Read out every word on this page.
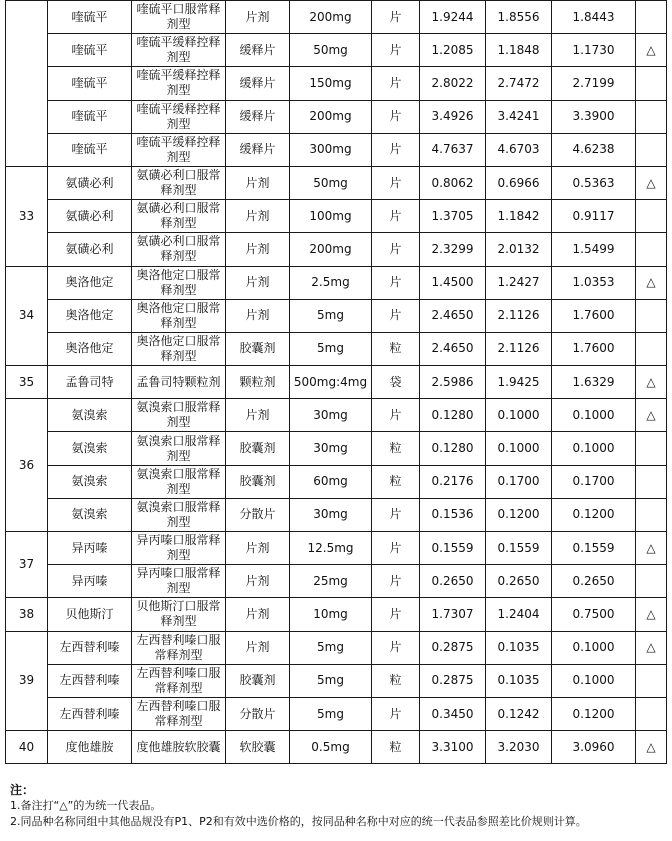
	喹硫平	喹硫平口服常释剂型	片剂	200mg	片	1.9244	1.8556	1.8443	
	喹硫平	喹硫平缓释控释剂型	缓释片	50mg	片	1.2085	1.1848	1.1730	△
	喹硫平	喹硫平缓释控释剂型	缓释片	150mg	片	2.8022	2.7472	2.7199	
	喹硫平	喹硫平缓释控释剂型	缓释片	200mg	片	3.4926	3.4241	3.3900	
	喹硫平	喹硫平缓释控释剂型	缓释片	300mg	片	4.7637	4.6703	4.6238	
33	氨磺必利	氨磺必利口服常释剂型	片剂	50mg	片	0.8062	0.6966	0.5363	△
	氨磺必利	氨磺必利口服常释剂型	片剂	100mg	片	1.3705	1.1842	0.9117	
	氨磺必利	氨磺必利口服常释剂型	片剂	200mg	片	2.3299	2.0132	1.5499	
34	奥洛他定	奥洛他定口服常释剂型	片剂	2.5mg	片	1.4500	1.2427	1.0353	△
	奥洛他定	奥洛他定口服常释剂型	片剂	5mg	片	2.4650	2.1126	1.7600	
	奥洛他定	奥洛他定口服常释剂型	胶囊剂	5mg	粒	2.4650	2.1126	1.7600	
35	孟鲁司特	孟鲁司特颗粒剂	颗粒剂	500mg:4mg	袋	2.5986	1.9425	1.6329	△
36	氨溴索	氨溴索口服常释剂型	片剂	30mg	片	0.1280	0.1000	0.1000	△
	氨溴索	氨溴索口服常释剂型	胶囊剂	30mg	粒	0.1280	0.1000	0.1000	
	氨溴索	氨溴索口服常释剂型	胶囊剂	60mg	粒	0.2176	0.1700	0.1700	
	氨溴索	氨溴索口服常释剂型	分散片	30mg	片	0.1536	0.1200	0.1200	
37	异丙嗪	异丙嗪口服常释剂型	片剂	12.5mg	片	0.1559	0.1559	0.1559	△
	异丙嗪	异丙嗪口服常释剂型	片剂	25mg	片	0.2650	0.2650	0.2650	
38	贝他斯汀	贝他斯汀口服常释剂型	片剂	10mg	片	1.7307	1.2404	0.7500	△
39	左西替利嗪	左西替利嗪口服常释剂型	片剂	5mg	片	0.2875	0.1035	0.1000	△
	左西替利嗪	左西替利嗪口服常释剂型	胶囊剂	5mg	粒	0.2875	0.1035	0.1000	
	左西替利嗪	左西替利嗪口服常释剂型	分散片	5mg	片	0.3450	0.1242	0.1200	
40	度他雄胺	度他雄胺软胶囊	软胶囊	0.5mg	粒	3.3100	3.2030	3.0960	△
注：
1.备注打“△”的为统一代表品。
2.同品种名称同组中其他品规没有P1、P2和有效中选价格的，按同品种名称中对应的统一代表品参照差比价规则计算。
